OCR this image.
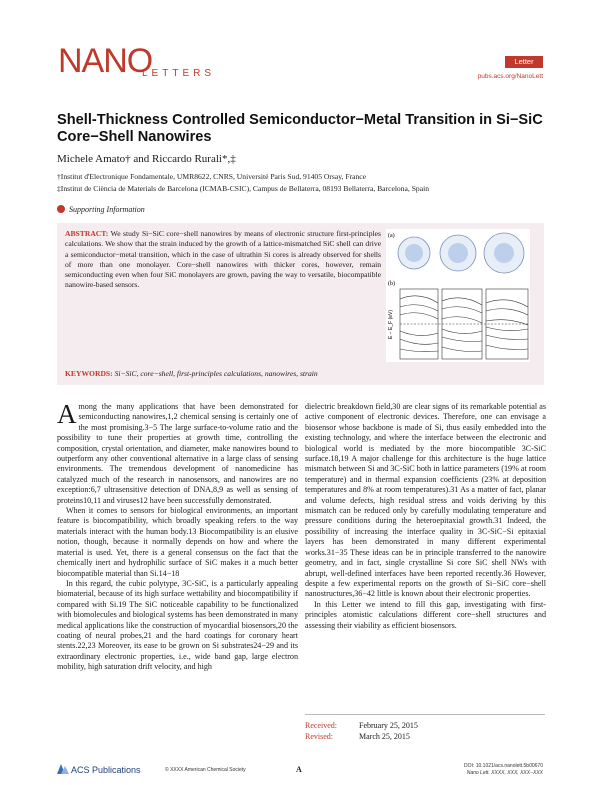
NANO
LETTERS
Letter
pubs.acs.org/NanoLett
Shell-Thickness Controlled Semiconductor−Metal Transition in Si−SiC Core−Shell Nanowires
Michele Amato† and Riccardo Rurali*,‡
†Institut d'Electronique Fondamentale, UMR8622, CNRS, Université Paris Sud, 91405 Orsay, France
‡Institut de Ciència de Materials de Barcelona (ICMAB-CSIC), Campus de Bellaterra, 08193 Bellaterra, Barcelona, Spain
Supporting Information
ABSTRACT: We study Si−SiC core−shell nanowires by means of electronic structure first-principles calculations. We show that the strain induced by the growth of a lattice-mismatched SiC shell can drive a semiconductor−metal transition, which in the case of ultrathin Si cores is already observed for shells of more than one monolayer. Core−shell nanowires with thicker cores, however, remain semiconducting even when four SiC monolayers are grown, paving the way to versatile, biocompatible nanowire-based sensors.
(a)
(b)
E − E_F (eV)
KEYWORDS: Si−SiC, core−shell, first-principles calculations, nanowires, strain

Among the many applications that have been demonstrated for semiconducting nanowires,1,2 chemical sensing is certainly one of the most promising.3−5 The large surface-to-volume ratio and the possibility to tune their properties at growth time, controlling the composition, crystal orientation, and diameter, make nanowires bound to outperform any other conventional alternative in a large class of sensing environments. The tremendous development of nanomedicine has catalyzed much of the research in nanosensors, and nanowires are no exception:6,7 ultrasensitive detection of DNA,8,9 as well as sensing of proteins10,11 and viruses12 have been successfully demonstrated.

When it comes to sensors for biological environments, an important feature is biocompatibility, which broadly speaking refers to the way materials interact with the human body.13 Biocompatibility is an elusive notion, though, because it normally depends on how and where the material is used. Yet, there is a general consensus on the fact that the chemically inert and hydrophilic surface of SiC makes it a much better biocompatible material than Si.14−18

In this regard, the cubic polytype, 3C-SiC, is a particularly appealing biomaterial, because of its high surface wettability and biocompatibility if compared with Si.19 The SiC noticeable capability to be functionalized with biomolecules and biological systems has been demonstrated in many medical applications like the construction of myocardial biosensors,20 the coating of neural probes,21 and the hard coatings for coronary heart stents.22,23 Moreover, its ease to be grown on Si substrates24−29 and its extraordinary electronic properties, i.e., wide band gap, large electron mobility, high saturation drift velocity, and high

dielectric breakdown field,30 are clear signs of its remarkable potential as active component of electronic devices. Therefore, one can envisage a biosensor whose backbone is made of Si, thus easily embedded into the existing technology, and where the interface between the electronic and biological world is mediated by the more biocompatible 3C-SiC surface.18,19 A major challenge for this architecture is the huge lattice mismatch between Si and 3C-SiC both in lattice parameters (19% at room temperature) and in thermal expansion coefficients (23% at deposition temperatures and 8% at room temperatures).31 As a matter of fact, planar and volume defects, high residual stress and voids deriving by this mismatch can be reduced only by carefully modulating temperature and pressure conditions during the heteroepitaxial growth.31 Indeed, the possibility of increasing the interface quality in 3C-SiC−Si epitaxial layers has been demonstrated in many different experimental works.31−35 These ideas can be in principle transferred to the nanowire geometry, and in fact, single crystalline Si core SiC shell NWs with abrupt, well-defined interfaces have been reported recently.36 However, despite a few experimental reports on the growth of Si−SiC core−shell nanostructures,36−42 little is known about their electronic properties.

In this Letter we intend to fill this gap, investigating with first-principles atomistic calculations different core−shell structures and assessing their viability as efficient biosensors.

Received:	February 25, 2015
Revised:	March 25, 2015
ACS Publications	© XXXX American Chemical Society	A	DOI: 10.1021/acs.nanolett.5b00670
Nano Lett. XXXX, XXX, XXX−XXX
